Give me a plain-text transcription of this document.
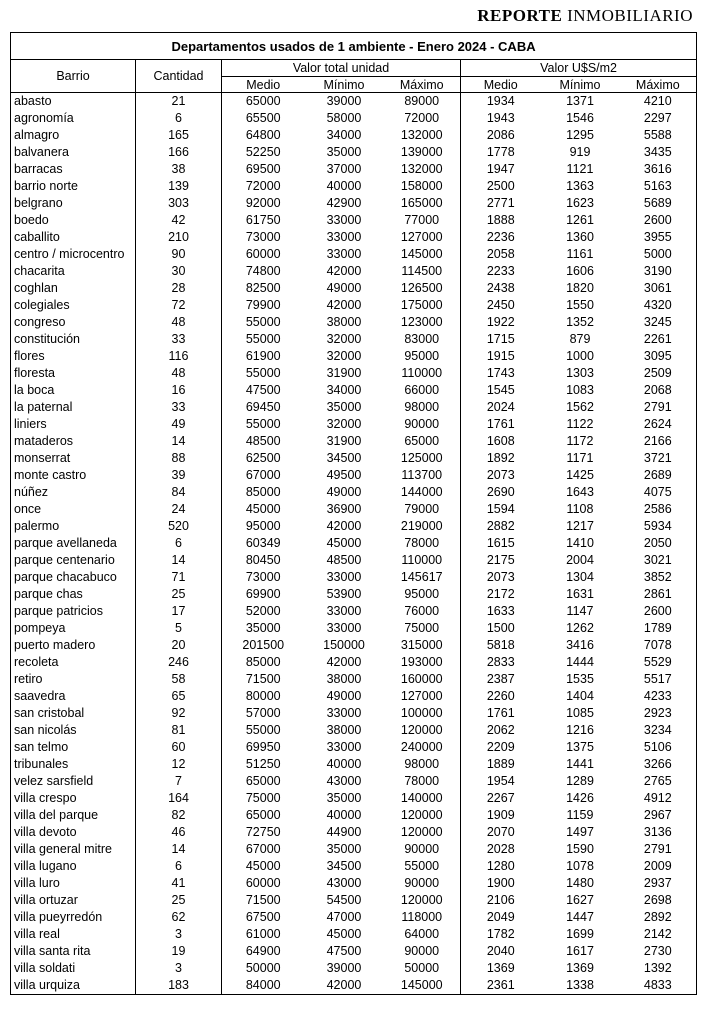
REPORTE INMOBILIARIO
Departamentos usados de 1 ambiente - Enero 2024 - CABA							
Barrio	Cantidad	Valor total unidad			Valor U$S/m2		
		Medio	Mínimo	Máximo	Medio	Mínimo	Máximo
abasto	21	65000	39000	89000	1934	1371	4210
agronomía	6	65500	58000	72000	1943	1546	2297
almagro	165	64800	34000	132000	2086	1295	5588
balvanera	166	52250	35000	139000	1778	919	3435
barracas	38	69500	37000	132000	1947	1121	3616
barrio norte	139	72000	40000	158000	2500	1363	5163
belgrano	303	92000	42900	165000	2771	1623	5689
boedo	42	61750	33000	77000	1888	1261	2600
caballito	210	73000	33000	127000	2236	1360	3955
centro / microcentro	90	60000	33000	145000	2058	1161	5000
chacarita	30	74800	42000	114500	2233	1606	3190
coghlan	28	82500	49000	126500	2438	1820	3061
colegiales	72	79900	42000	175000	2450	1550	4320
congreso	48	55000	38000	123000	1922	1352	3245
constitución	33	55000	32000	83000	1715	879	2261
flores	116	61900	32000	95000	1915	1000	3095
floresta	48	55000	31900	110000	1743	1303	2509
la boca	16	47500	34000	66000	1545	1083	2068
la paternal	33	69450	35000	98000	2024	1562	2791
liniers	49	55000	32000	90000	1761	1122	2624
mataderos	14	48500	31900	65000	1608	1172	2166
monserrat	88	62500	34500	125000	1892	1171	3721
monte castro	39	67000	49500	113700	2073	1425	2689
núñez	84	85000	49000	144000	2690	1643	4075
once	24	45000	36900	79000	1594	1108	2586
palermo	520	95000	42000	219000	2882	1217	5934
parque avellaneda	6	60349	45000	78000	1615	1410	2050
parque centenario	14	80450	48500	110000	2175	2004	3021
parque chacabuco	71	73000	33000	145617	2073	1304	3852
parque chas	25	69900	53900	95000	2172	1631	2861
parque patricios	17	52000	33000	76000	1633	1147	2600
pompeya	5	35000	33000	75000	1500	1262	1789
puerto madero	20	201500	150000	315000	5818	3416	7078
recoleta	246	85000	42000	193000	2833	1444	5529
retiro	58	71500	38000	160000	2387	1535	5517
saavedra	65	80000	49000	127000	2260	1404	4233
san cristobal	92	57000	33000	100000	1761	1085	2923
san nicolás	81	55000	38000	120000	2062	1216	3234
san telmo	60	69950	33000	240000	2209	1375	5106
tribunales	12	51250	40000	98000	1889	1441	3266
velez sarsfield	7	65000	43000	78000	1954	1289	2765
villa crespo	164	75000	35000	140000	2267	1426	4912
villa del parque	82	65000	40000	120000	1909	1159	2967
villa devoto	46	72750	44900	120000	2070	1497	3136
villa general mitre	14	67000	35000	90000	2028	1590	2791
villa lugano	6	45000	34500	55000	1280	1078	2009
villa luro	41	60000	43000	90000	1900	1480	2937
villa ortuzar	25	71500	54500	120000	2106	1627	2698
villa pueyrredón	62	67500	47000	118000	2049	1447	2892
villa real	3	61000	45000	64000	1782	1699	2142
villa santa rita	19	64900	47500	90000	2040	1617	2730
villa soldati	3	50000	39000	50000	1369	1369	1392
villa urquiza	183	84000	42000	145000	2361	1338	4833
